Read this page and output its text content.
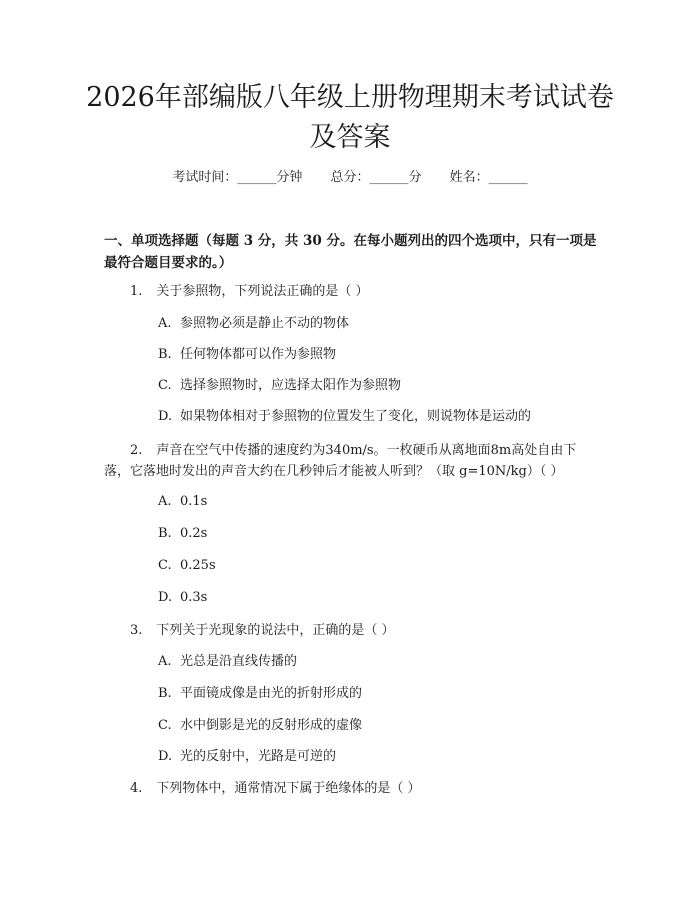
2026年部编版八年级上册物理期末考试试卷及答案
考试时间：______分钟 总分：______分 姓名：______

一、单项选择题（每题 3 分，共 30 分。在每小题列出的四个选项中，只有一项是最符合题目要求的。）

1. 关于参照物，下列说法正确的是（ ）

A. 参照物必须是静止不动的物体

B. 任何物体都可以作为参照物

C. 选择参照物时，应选择太阳作为参照物

D. 如果物体相对于参照物的位置发生了变化，则说物体是运动的

2. 声音在空气中传播的速度约为340m/s。一枚硬币从离地面8m高处自由下落，它落地时发出的声音大约在几秒钟后才能被人听到？（取 g=10N/kg）（ ）

A. 0.1s

B. 0.2s

C. 0.25s

D. 0.3s

3. 下列关于光现象的说法中，正确的是（ ）

A. 光总是沿直线传播的

B. 平面镜成像是由光的折射形成的

C. 水中倒影是光的反射形成的虚像

D. 光的反射中，光路是可逆的

4. 下列物体中，通常情况下属于绝缘体的是（ ）
